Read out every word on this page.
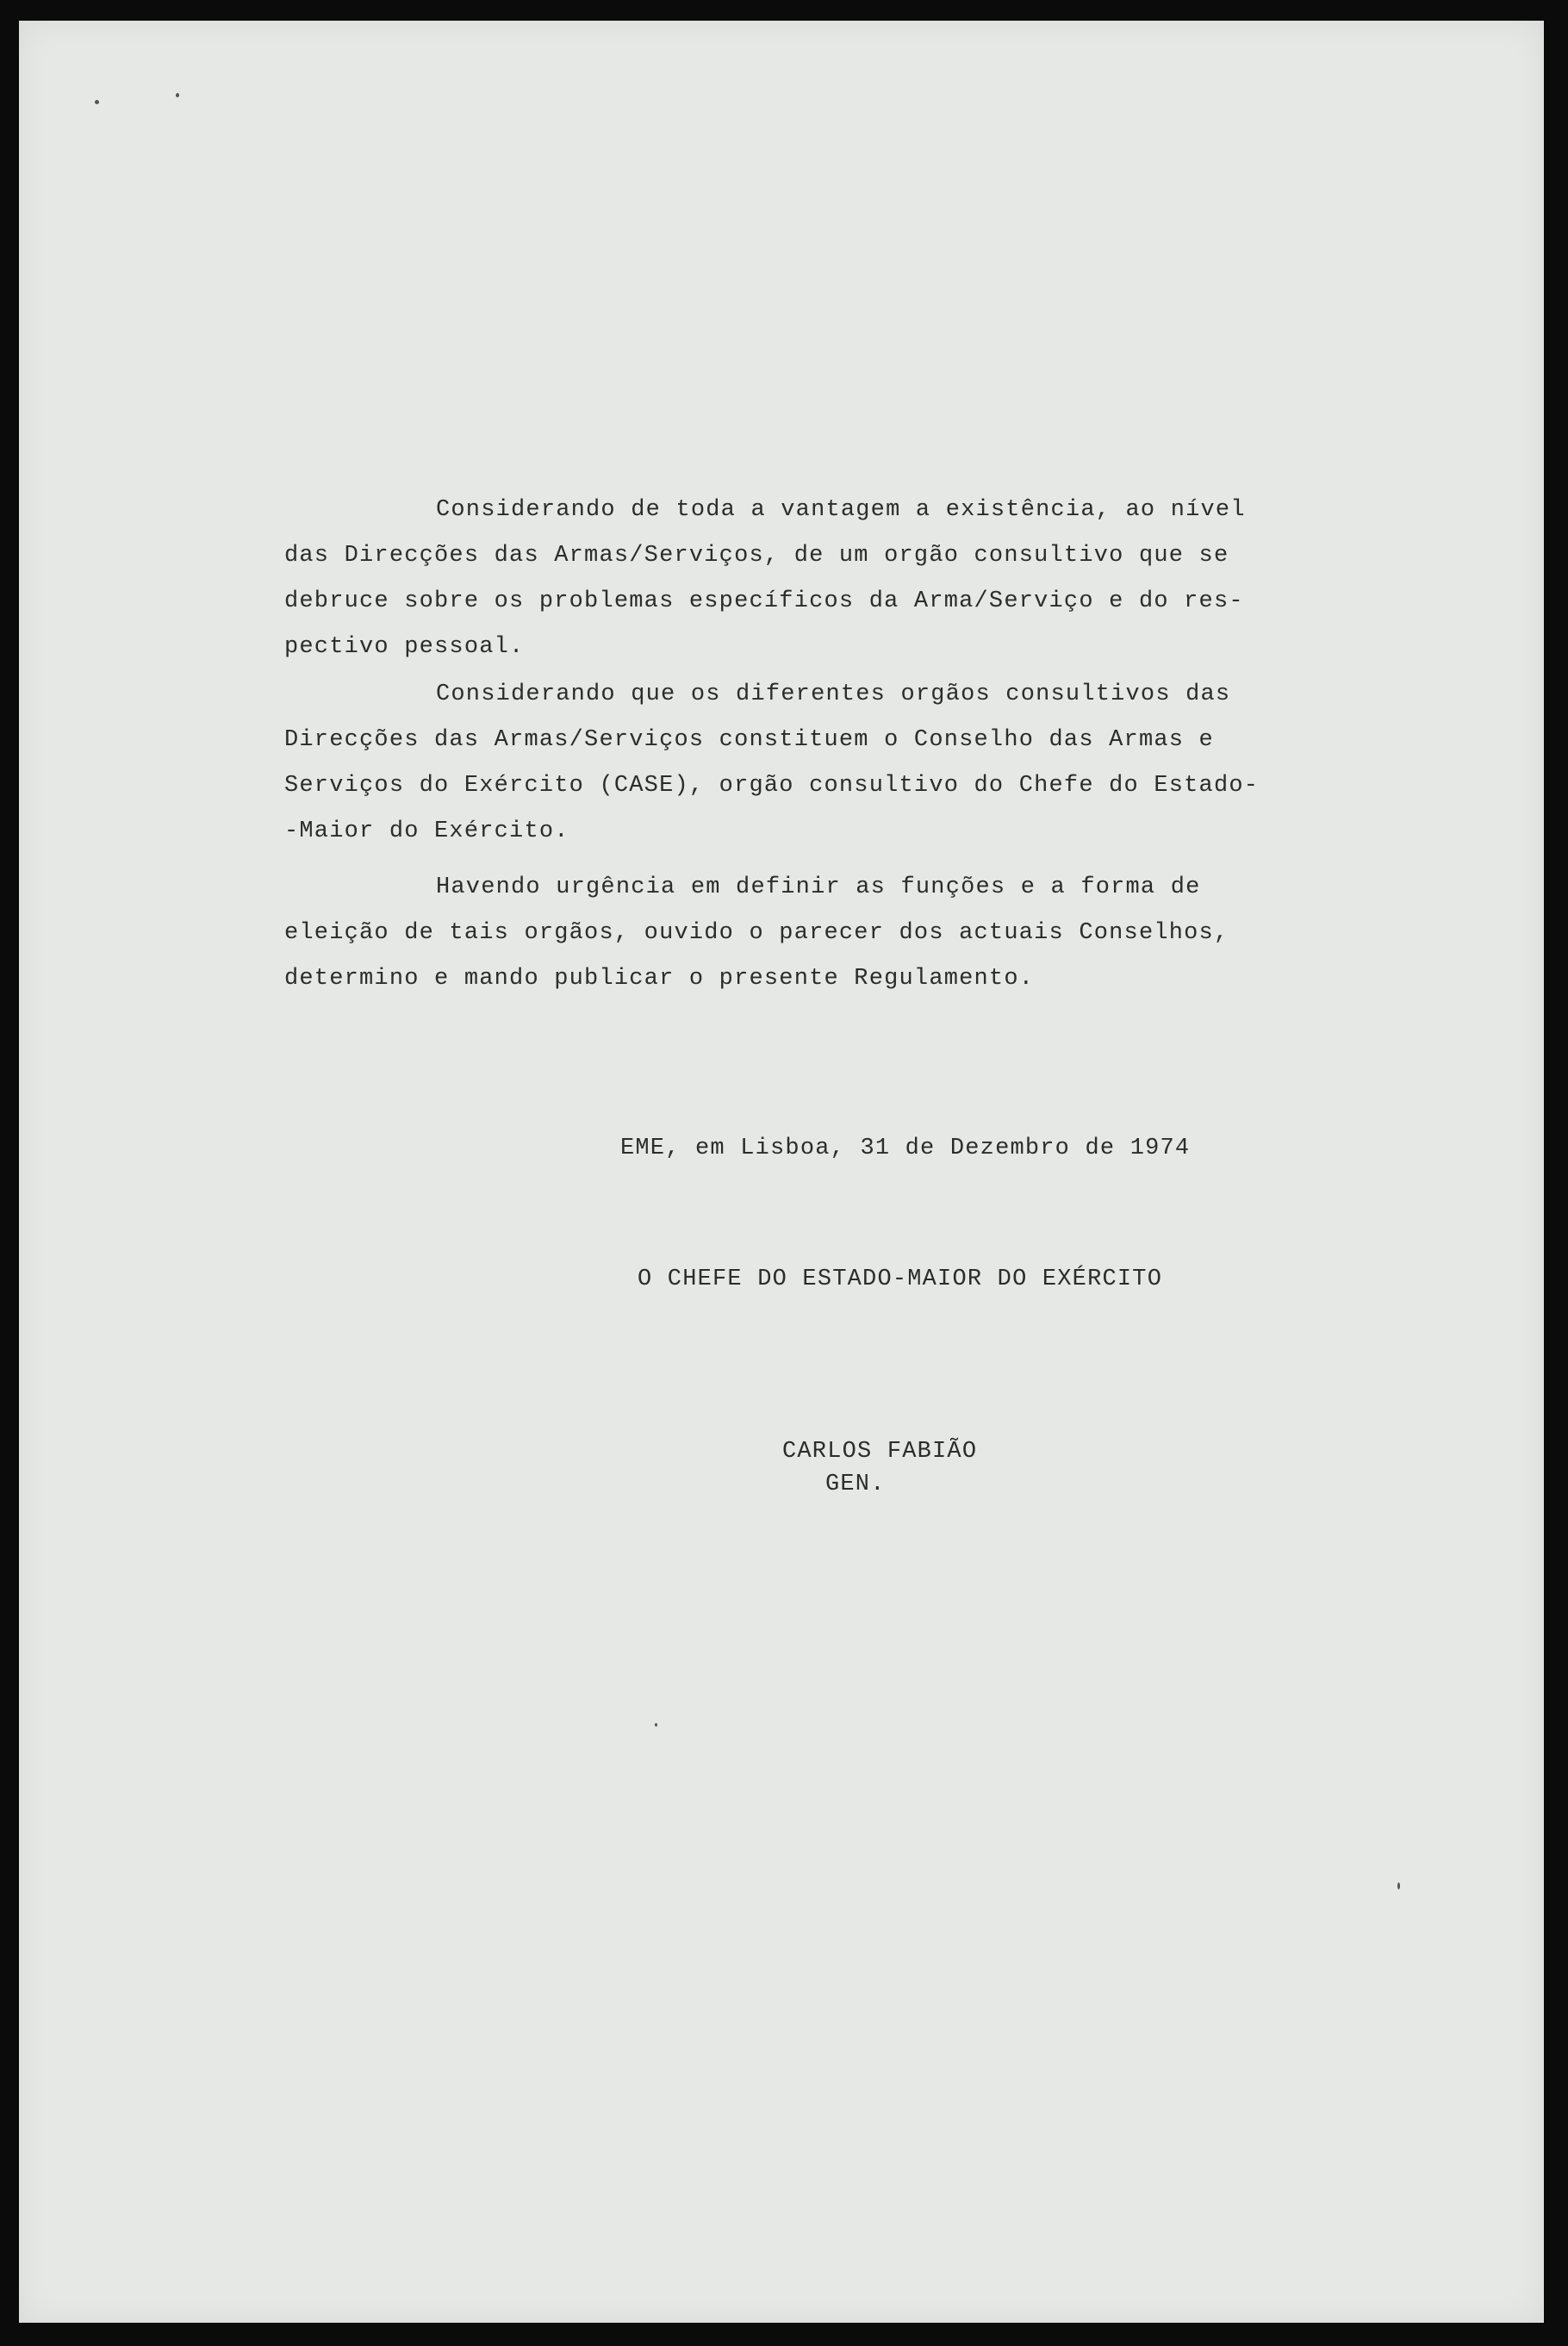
Considerando de toda a vantagem a existência, ao nível
das Direcções das Armas/Serviços, de um orgão consultivo que se
debruce sobre os problemas específicos da Arma/Serviço e do res-
pectivo pessoal.
Considerando que os diferentes orgãos consultivos das
Direcções das Armas/Serviços constituem o Conselho das Armas e
Serviços do Exército (CASE), orgão consultivo do Chefe do Estado-
-Maior do Exército.
Havendo urgência em definir as funções e a forma de
eleição de tais orgãos, ouvido o parecer dos actuais Conselhos,
determino e mando publicar o presente Regulamento.
EME, em Lisboa, 31 de Dezembro de 1974
O CHEFE DO ESTADO-MAIOR DO EXÉRCITO
CARLOS FABIÃO
GEN.
